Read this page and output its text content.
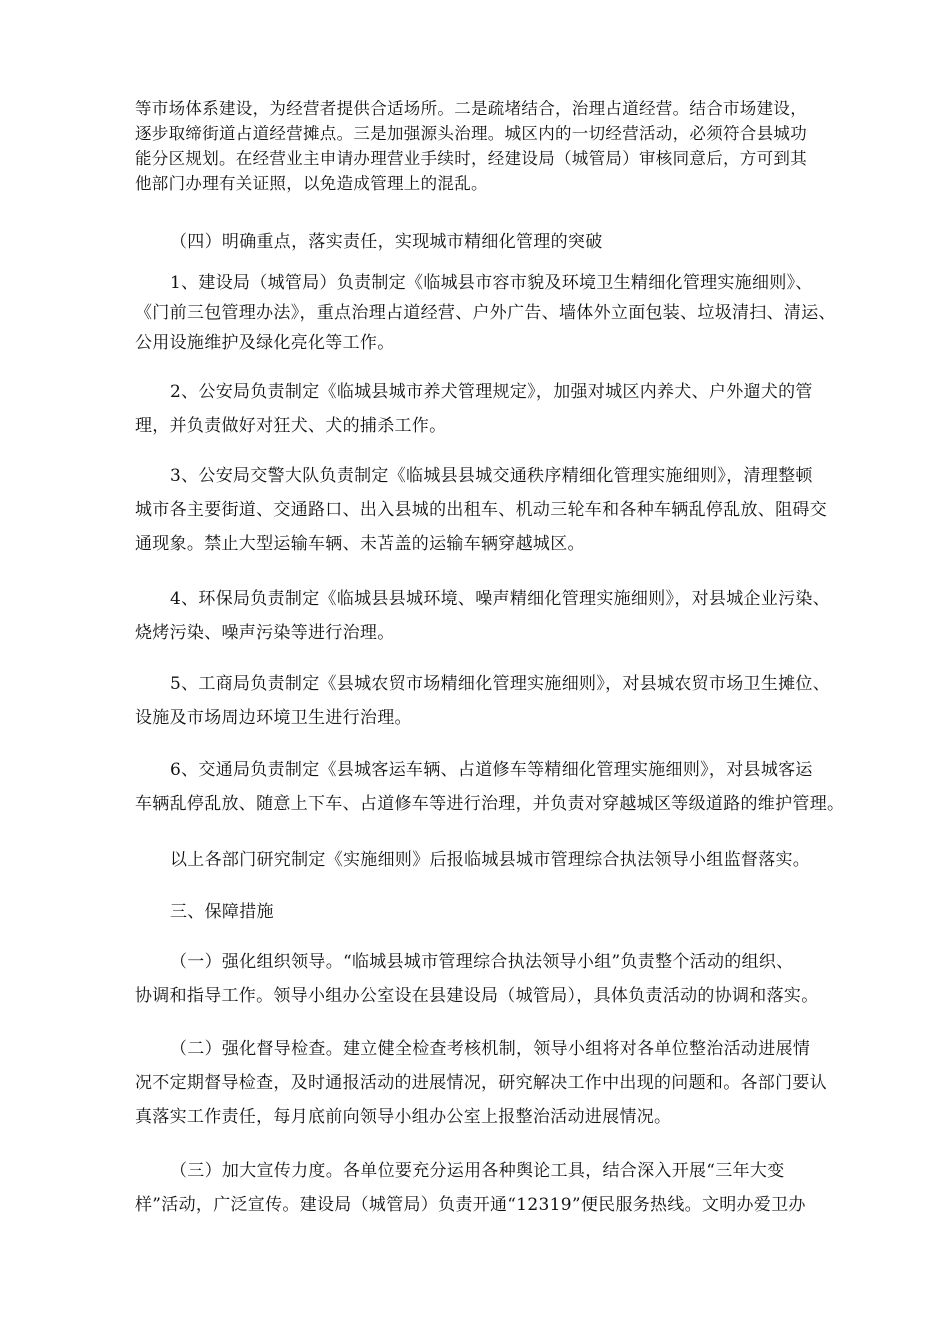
等市场体系建设，为经营者提供合适场所。二是疏堵结合，治理占道经营。结合市场建设，
逐步取缔街道占道经营摊点。三是加强源头治理。城区内的一切经营活动，必须符合县城功
能分区规划。在经营业主申请办理营业手续时，经建设局（城管局）审核同意后，方可到其
他部门办理有关证照，以免造成管理上的混乱。
（四）明确重点，落实责任，实现城市精细化管理的突破
1、建设局（城管局）负责制定《临城县市容市貌及环境卫生精细化管理实施细则》、
《门前三包管理办法》，重点治理占道经营、户外广告、墙体外立面包装、垃圾清扫、清运、
公用设施维护及绿化亮化等工作。
2、公安局负责制定《临城县城市养犬管理规定》，加强对城区内养犬、户外遛犬的管
理，并负责做好对狂犬、犬的捕杀工作。
3、公安局交警大队负责制定《临城县县城交通秩序精细化管理实施细则》，清理整顿
城市各主要街道、交通路口、出入县城的出租车、机动三轮车和各种车辆乱停乱放、阻碍交
通现象。禁止大型运输车辆、未苫盖的运输车辆穿越城区。
4、环保局负责制定《临城县县城环境、噪声精细化管理实施细则》，对县城企业污染、
烧烤污染、噪声污染等进行治理。
5、工商局负责制定《县城农贸市场精细化管理实施细则》，对县城农贸市场卫生摊位、
设施及市场周边环境卫生进行治理。
6、交通局负责制定《县城客运车辆、占道修车等精细化管理实施细则》，对县城客运
车辆乱停乱放、随意上下车、占道修车等进行治理，并负责对穿越城区等级道路的维护管理。
以上各部门研究制定《实施细则》后报临城县城市管理综合执法领导小组监督落实。
三、保障措施
（一）强化组织领导。“临城县城市管理综合执法领导小组”负责整个活动的组织、
协调和指导工作。领导小组办公室设在县建设局（城管局），具体负责活动的协调和落实。
（二）强化督导检查。建立健全检查考核机制，领导小组将对各单位整治活动进展情
况不定期督导检查，及时通报活动的进展情况，研究解决工作中出现的问题和。各部门要认
真落实工作责任，每月底前向领导小组办公室上报整治活动进展情况。
（三）加大宣传力度。各单位要充分运用各种舆论工具，结合深入开展“三年大变
样”活动，广泛宣传。建设局（城管局）负责开通“12319”便民服务热线。文明办爱卫办
